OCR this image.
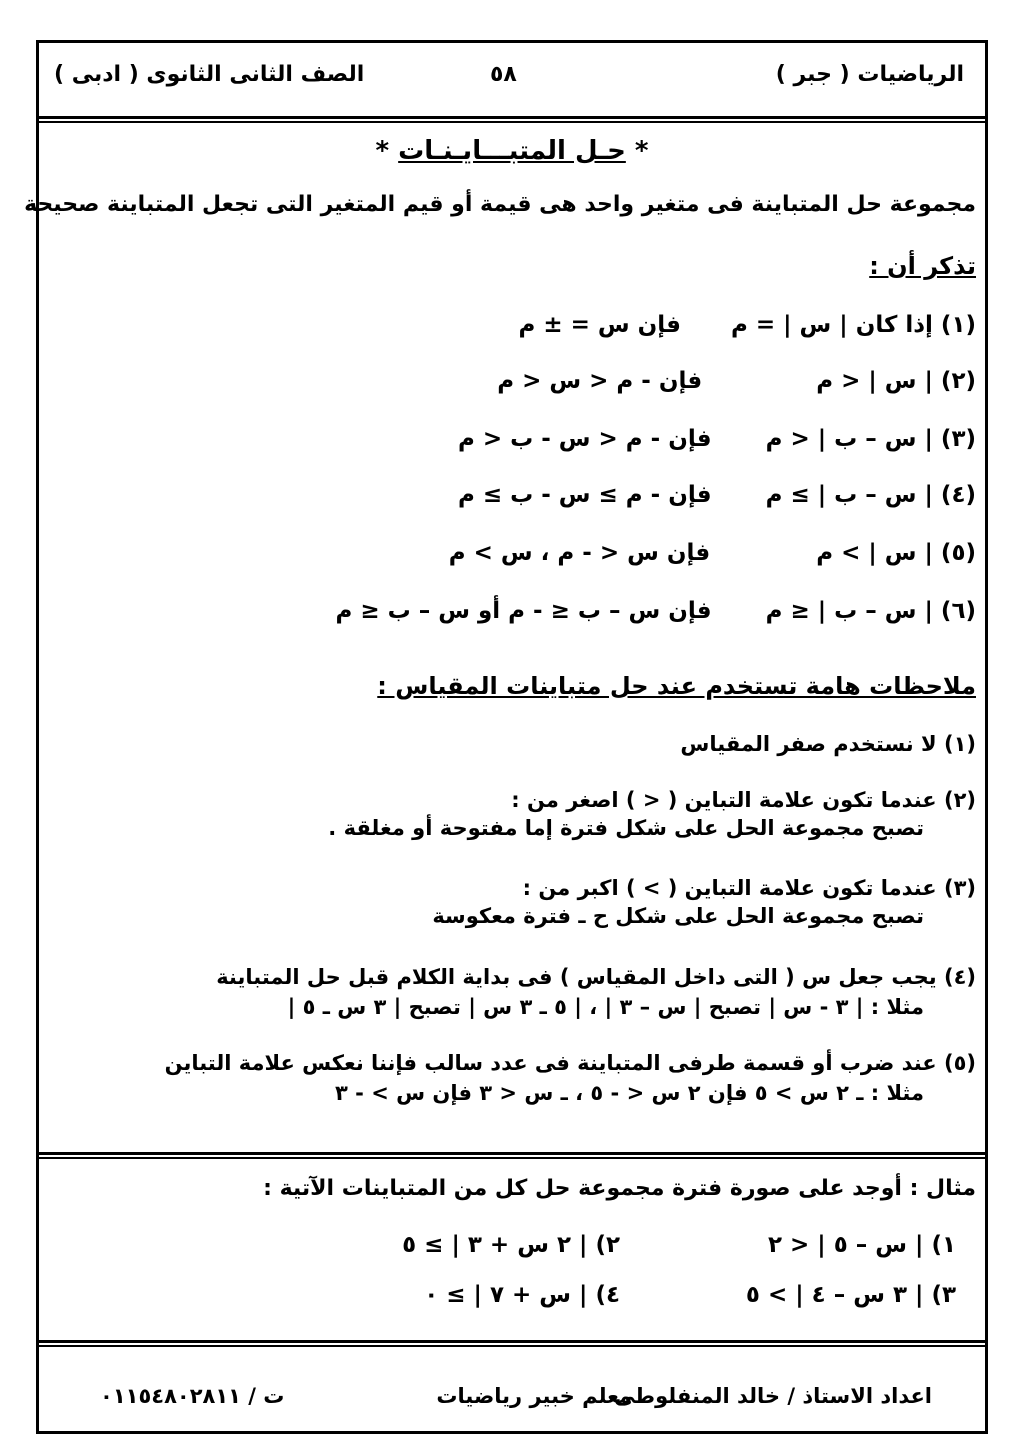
الرياضيات ( جبر )
٥٨
الصف الثانى الثانوى ( ادبى )
* حـل المتبـــايـنـات *
مجموعة حل المتباينة فى متغير واحد هى قيمة أو قيم المتغير التى تجعل المتباينة صحيحة
تذكر أن :
(١) إذا كان | س | = م  فإن س = ± م
(٢) | س | < م  فإن - م < س < م
(٣) | س – ب | < م  فإن - م < س - ب < م
(٤) | س – ب | ≥ م  فإن - م ≥ س - ب ≥ م
(٥) | س | > م  فإن س < - م ، س > م
(٦) | س – ب | ≤ م  فإن س – ب ≤ - م أو س – ب ≤ م
ملاحظات هامة تستخدم عند حل متباينات المقياس :
(١) لا نستخدم صفر المقياس
(٢) عندما تكون علامة التباين ( < ) اصغر من :
تصبح مجموعة الحل على شكل فترة إما مفتوحة أو مغلقة .
(٣) عندما تكون علامة التباين ( > ) اكبر من :
تصبح مجموعة الحل على شكل ح ـ فترة معكوسة
(٤) يجب جعل س ( التى داخل المقياس ) فى بداية الكلام قبل حل المتباينة
مثلا : | ٣ - س | تصبح | س – ٣ | ، | ٥ ـ ٣ س | تصبح | ٣ س ـ ٥ |
(٥) عند ضرب أو قسمة طرفى المتباينة فى عدد سالب فإننا نعكس علامة التباين
مثلا : ـ ٢ س > ٥ فإن ٢ س < - ٥ ، ـ س < ٣ فإن س > - ٣
مثال : أوجد على صورة فترة مجموعة حل كل من المتباينات الآتية :
١) | س – ٥ | < ٢
٢) | ٢ س + ٣ | ≥ ٥
٣) | ٣ س – ٤ | > ٥
٤) | س + ٧ | ≥ ٠
اعداد الاستاذ / خالد المنفلوطى
معلم خبير رياضيات
ت / ٠١١٥٤٨٠٢٨١١
